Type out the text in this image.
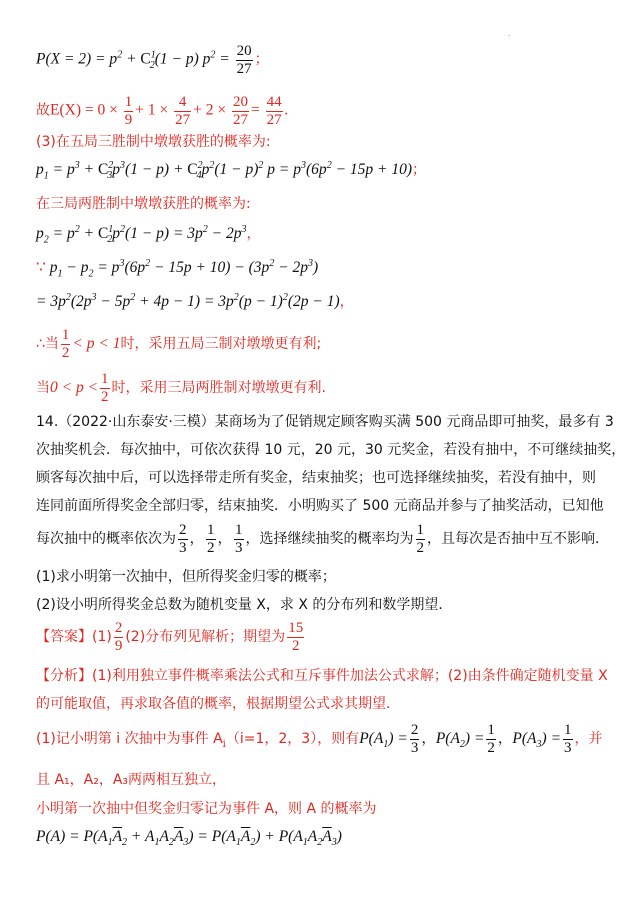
.
$P(X = 2) = p^2 + C^1_2(1 - p) p^2 = \frac{20}{27}$ ；
故$E(X) = 0 \times \frac{1}{9} + 1 \times \frac{4}{27} + 2 \times \frac{20}{27} = \frac{44}{27}$ .
(3)在五局三胜制中墩墩获胜的概率为:
$p_1 = p^3 + C^2_3p^3(1 - p) + C^2_4p^2(1 - p)^2$ $p = p^3(6p^2 - 15p + 10)$；
在三局两胜制中墩墩获胜的概率为:
$p_2 = p^2 + C^1_2p^2(1 - p) = 3p^2 - 2p^3$，
∵ $p_1 - p_2 = p^3(6p^2 - 15p + 10) - (3p^2 - 2p^3)$
= $3p^2(2p^3 - 5p^2 + 4p - 1) = 3p^2(p - 1)^2(2p - 1)$，
∴当 $\frac{1}{2} < p < 1$时，采用五局三制对墩墩更有利;
当$0 < p < \frac{1}{2}$ 时，采用三局两胜制对墩墩更有利.
14.（2022·山东泰安·三模）某商场为了促销规定顾客购买满 500 元商品即可抽奖，最多有 3
次抽奖机会．每次抽中，可依次获得 10 元，20 元，30 元奖金，若没有抽中，不可继续抽奖，
顾客每次抽中后，可以选择带走所有奖金，结束抽奖；也可选择继续抽奖，若没有抽中，则
连同前面所得奖金全部归零，结束抽奖．小明购买了 500 元商品并参与了抽奖活动，已知他
每次抽中的概率依次为 $\frac{2}{3}$ ， $\frac{1}{2}$ ， $\frac{1}{3}$ ，选择继续抽奖的概率均为 $\frac{1}{2}$ ，且每次是否抽中互不影响．
(1)求小明第一次抽中，但所得奖金归零的概率；
(2)设小明所得奖金总数为随机变量 X，求 X 的分布列和数学期望．
【答案】$(1) \frac{2}{9} (2)$分布列见解析；期望为 $\frac{15}{2}$
【分析】(1)利用独立事件概率乘法公式和互斥事件加法公式求解；(2)由条件确定随机变量 X
的可能取值，再求取各值的概率，根据期望公式求其期望．
(1)记小明第 i 次抽中为事件 $A_i(i=1$，2，3），则有$P(A_1) = \frac{2}{3}$ ，$P(A_2) = \frac{1}{2}$ ，$P(A_3) = \frac{1}{3}$ ，并
且 A₁，A₂，A₃两两相互独立，
小明第一次抽中但奖金归零记为事件 A，则 A 的概率为
$P(A) = P(A_1\overline{A}_2 + A_1A_2\overline{A}_3) = P(A_1\overline{A}_2) + P(A_1A_2\overline{A}_3)$
